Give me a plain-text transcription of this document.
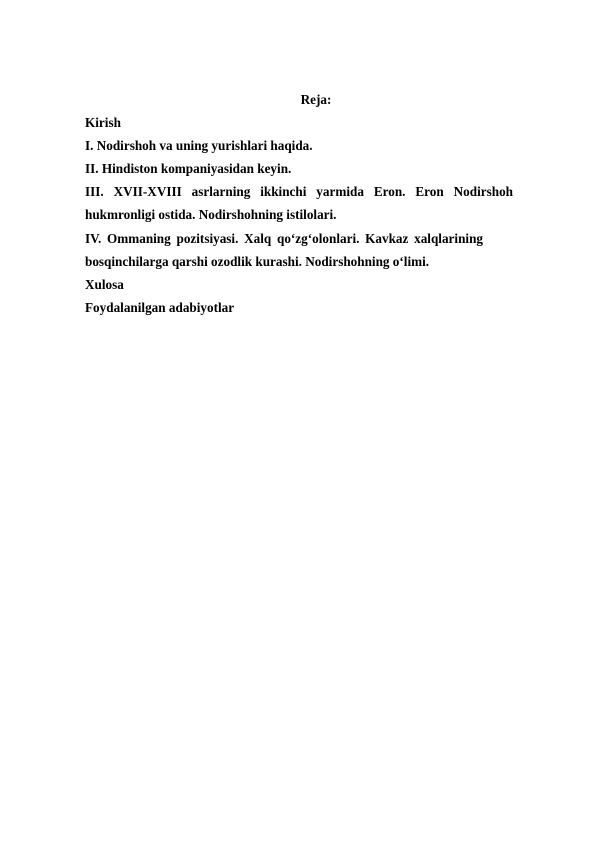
Reja:

Kirish

I. Nodirshoh va uning yurishlari haqida.

II. Hindiston kompaniyasidan keyin.

III. XVII-XVIII asrlarning ikkinchi yarmida Eron. Eron Nodirshoh
hukmronligi ostida. Nodirshohning istilolari.

IV. Ommaning pozitsiyasi. Xalq qo‘zg‘olonlari. Kavkaz xalqlarining
bosqinchilarga qarshi ozodlik kurashi. Nodirshohning o‘limi.

Xulosa

Foydalanilgan adabiyotlar
